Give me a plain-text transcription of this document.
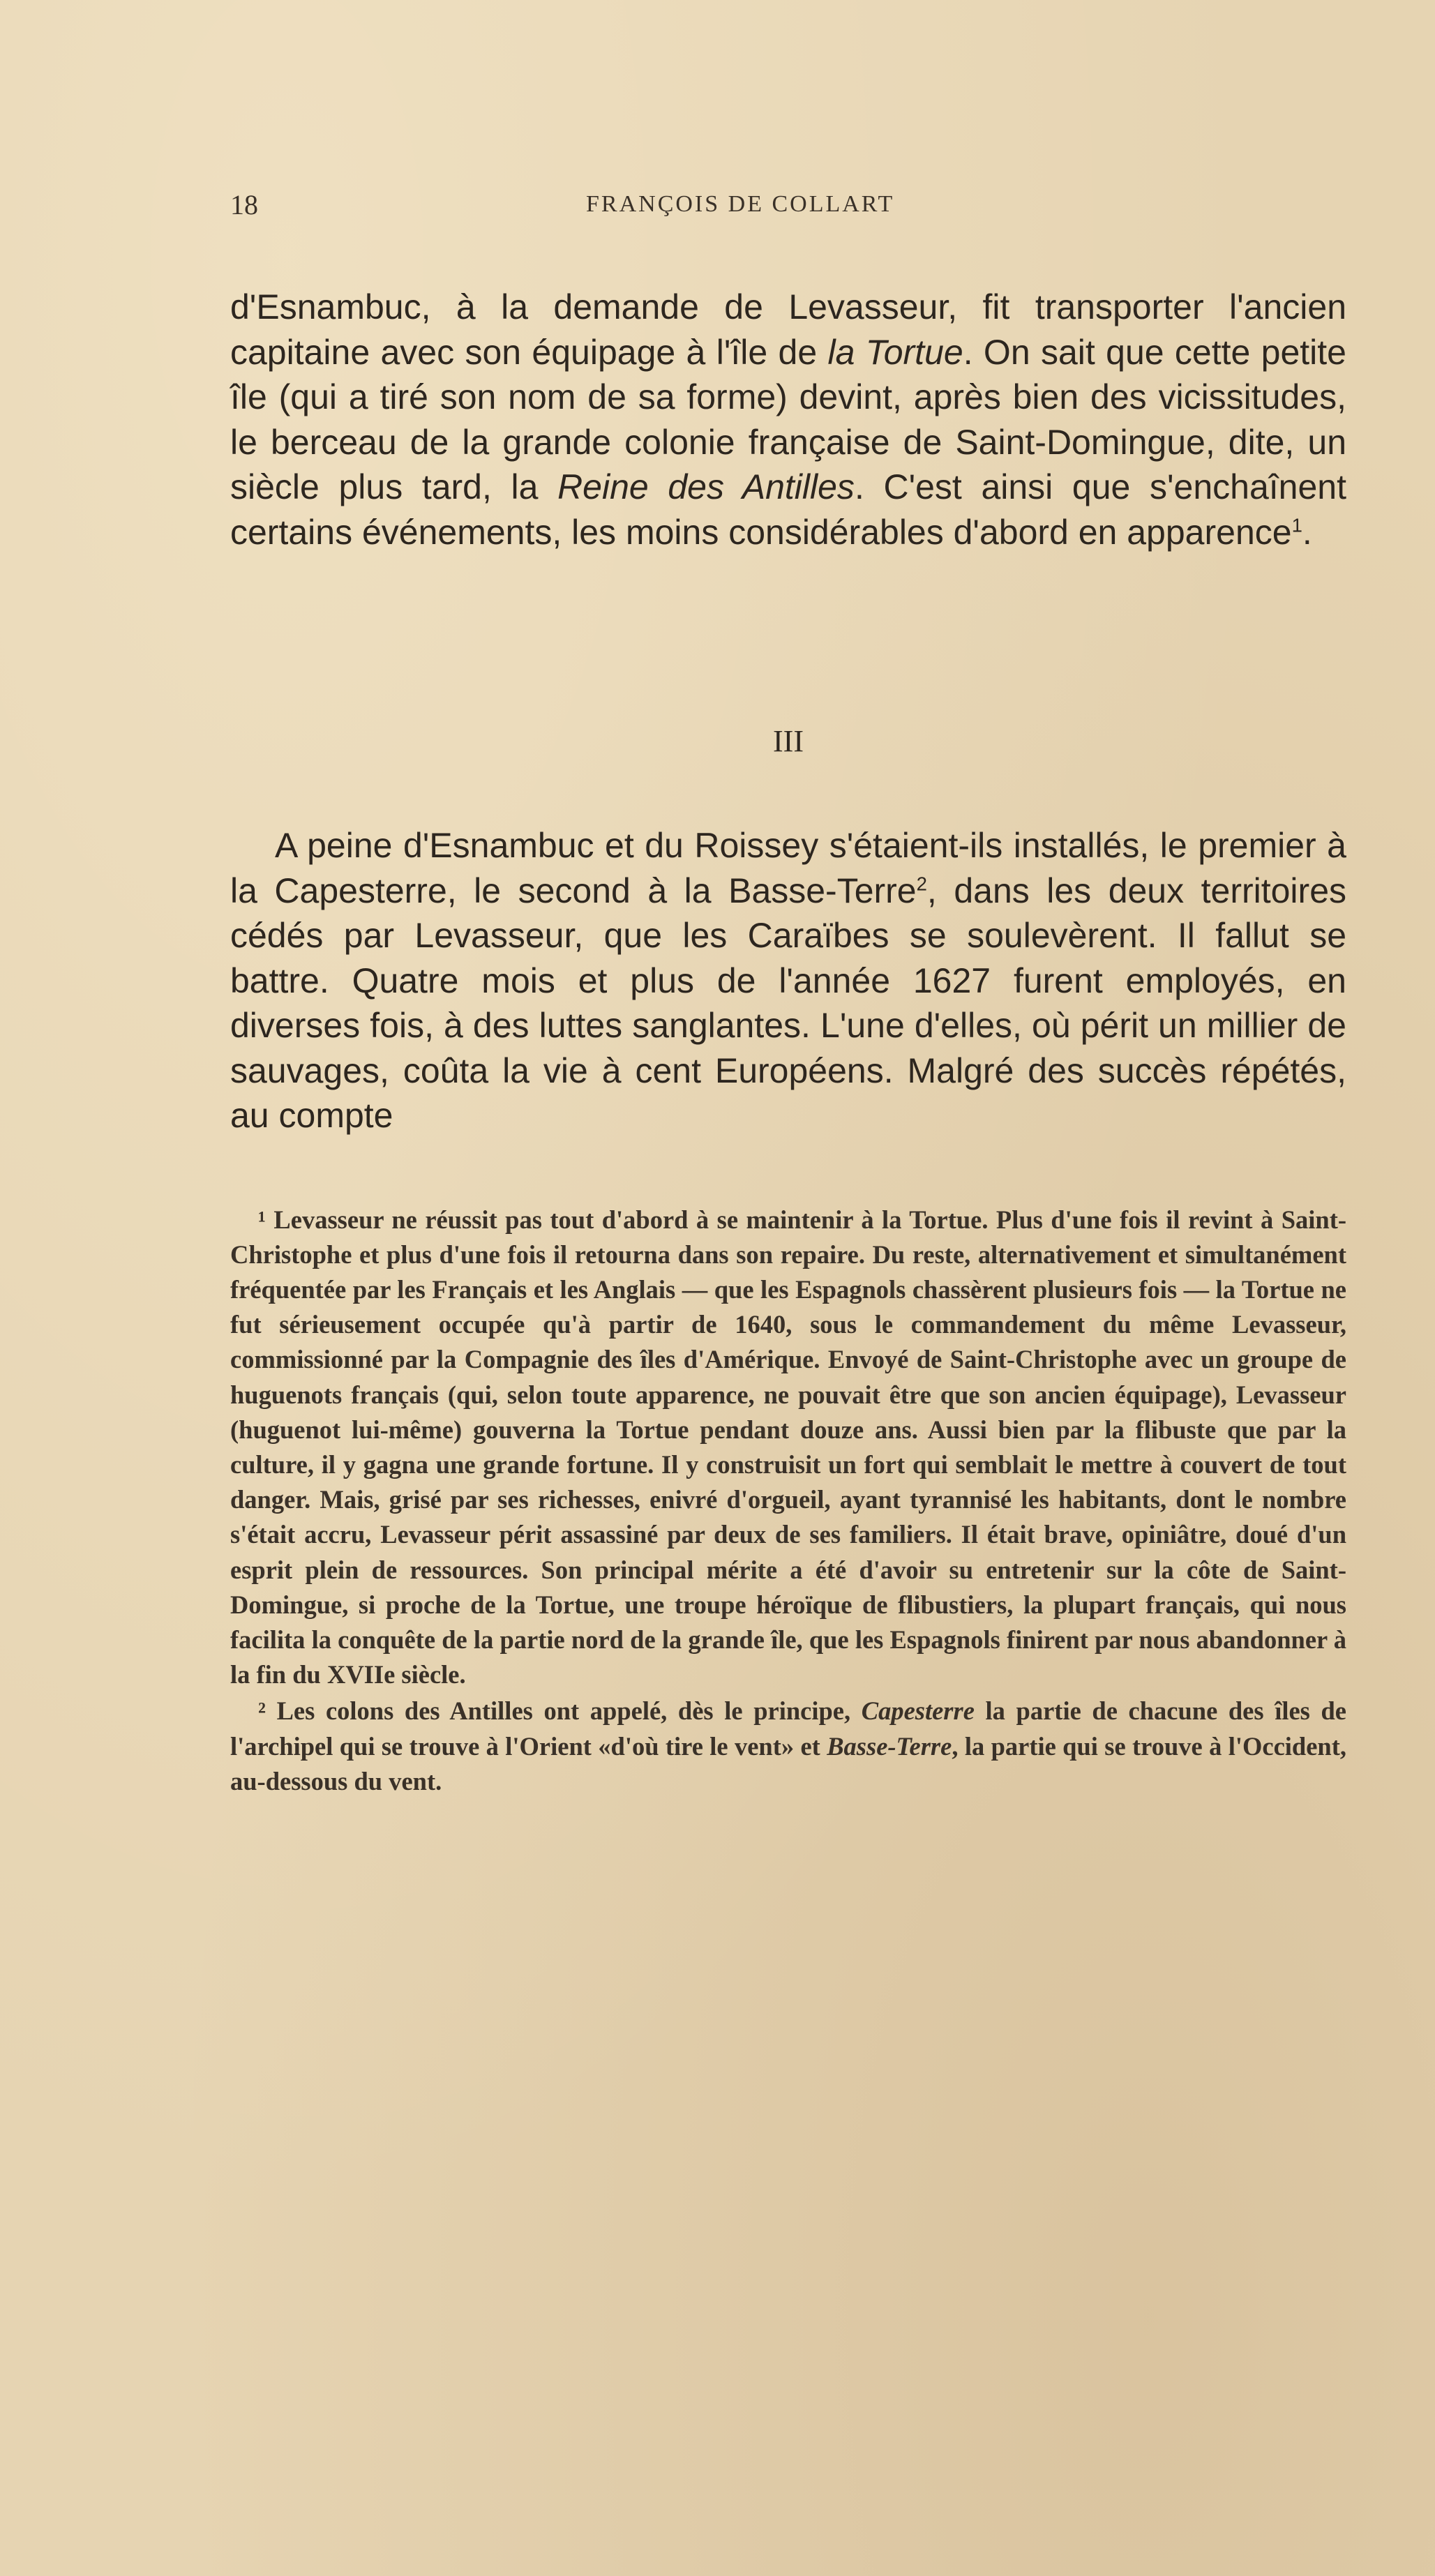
18	FRANÇOIS DE COLLART

d'Esnambuc, à la demande de Levasseur, fit transporter l'ancien capitaine avec son équipage à l'île de la Tortue. On sait que cette petite île (qui a tiré son nom de sa forme) devint, après bien des vicissitudes, le berceau de la grande colonie française de Saint-Domingue, dite, un siècle plus tard, la Reine des Antilles. C'est ainsi que s'enchaînent certains événements, les moins considérables d'abord en apparence$^1$.

III

A peine d'Esnambuc et du Roissey s'étaient-ils installés, le premier à la Capesterre, le second à la Basse-Terre$^2$, dans les deux territoires cédés par Levasseur, que les Caraïbes se soulevèrent. Il fallut se battre. Quatre mois et plus de l'année 1627 furent employés, en diverses fois, à des luttes sanglantes. L'une d'elles, où périt un millier de sauvages, coûta la vie à cent Européens. Malgré des succès répétés, au compte

¹ Levasseur ne réussit pas tout d'abord à se maintenir à la Tortue. Plus d'une fois il revint à Saint-Christophe et plus d'une fois il retourna dans son repaire. Du reste, alternativement et simultanément fréquentée par les Français et les Anglais — que les Espagnols chassèrent plusieurs fois — la Tortue ne fut sérieusement occupée qu'à partir de 1640, sous le commandement du même Levasseur, commissionné par la Compagnie des îles d'Amérique. Envoyé de Saint-Christophe avec un groupe de huguenots français (qui, selon toute apparence, ne pouvait être que son ancien équipage), Levasseur (huguenot lui-même) gouverna la Tortue pendant douze ans. Aussi bien par la flibuste que par la culture, il y gagna une grande fortune. Il y construisit un fort qui semblait le mettre à couvert de tout danger. Mais, grisé par ses richesses, enivré d'orgueil, ayant tyrannisé les habitants, dont le nombre s'était accru, Levasseur périt assassiné par deux de ses familiers. Il était brave, opiniâtre, doué d'un esprit plein de ressources. Son principal mérite a été d'avoir su entretenir sur la côte de Saint-Domingue, si proche de la Tortue, une troupe héroïque de flibustiers, la plupart français, qui nous facilita la conquête de la partie nord de la grande île, que les Espagnols finirent par nous abandonner à la fin du XVIIe siècle.

² Les colons des Antilles ont appelé, dès le principe, Capesterre la partie de chacune des îles de l'archipel qui se trouve à l'Orient «d'où tire le vent» et Basse-Terre, la partie qui se trouve à l'Occident, au-dessous du vent.
